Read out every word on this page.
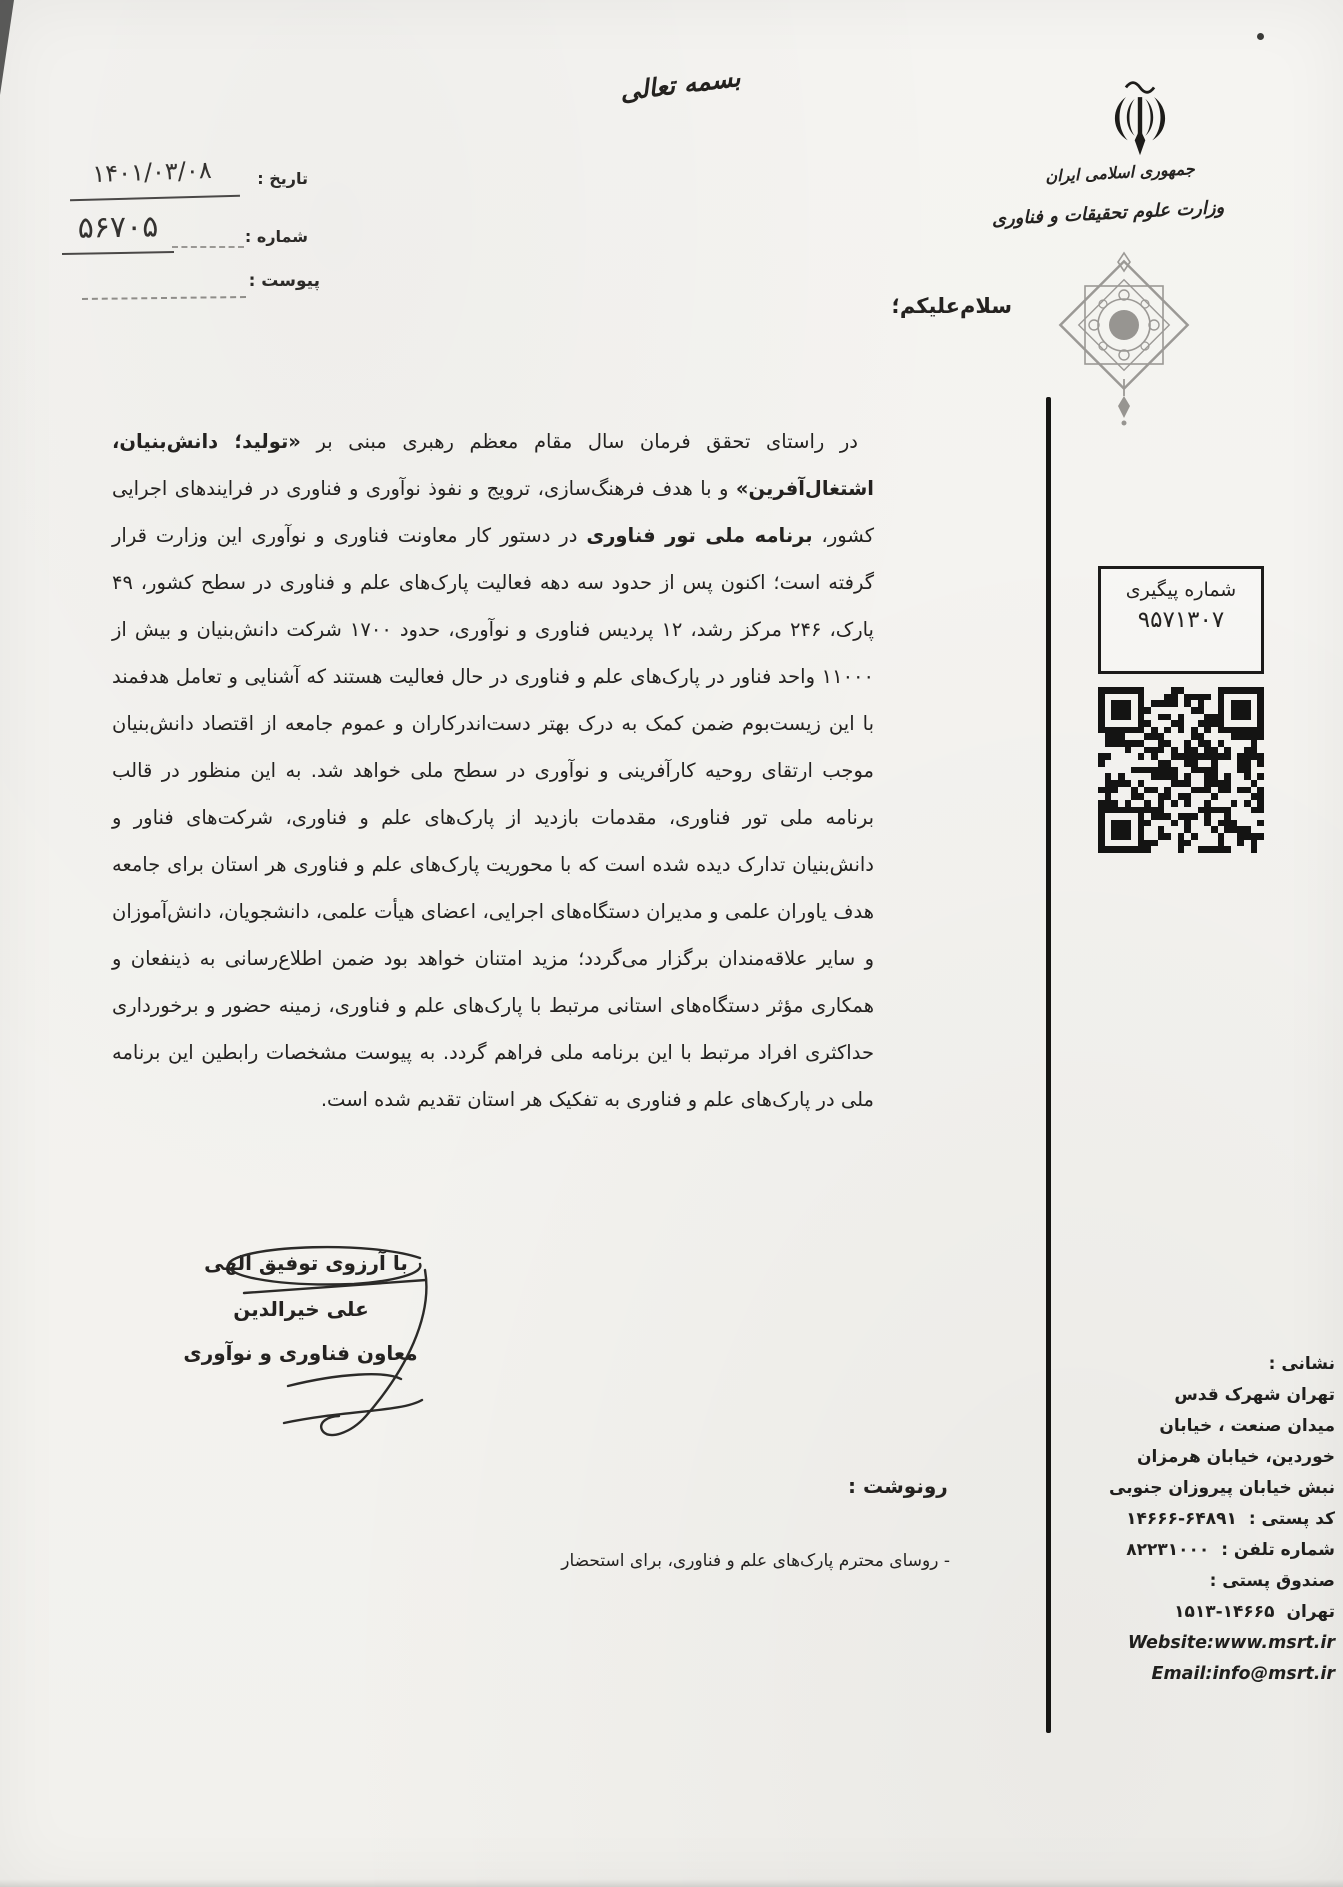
بسمه تعالی
جمهوری اسلامی ایران
وزارت علوم تحقیقات و فناوری
تاریخ :
۱۴۰۱/۰۳/۰۸
شماره :
۵۶۷۰۵
پیوست :
سلام‌علیکم؛
در راستای تحقق فرمان سال مقام معظم رهبری مبنی بر «تولید؛ دانش‌بنیان، اشتغال‌آفرین» و با هدف فرهنگ‌سازی، ترویج و نفوذ نوآوری و فناوری در فرایندهای اجرایی کشور، برنامه ملی تور فناوری در دستور کار معاونت فناوری و نوآوری این وزارت قرار گرفته است؛ اکنون پس از حدود سه دهه فعالیت پارک‌های علم و فناوری در سطح کشور، ۴۹ پارک، ۲۴۶ مرکز رشد، ۱۲ پردیس فناوری و نوآوری، حدود ۱۷۰۰ شرکت دانش‌بنیان و بیش از ۱۱۰۰۰ واحد فناور در پارک‌های علم و فناوری در حال فعالیت هستند که آشنایی و تعامل هدفمند با این زیست‌بوم ضمن کمک به درک بهتر دست‌اندرکاران و عموم جامعه از اقتصاد دانش‌بنیان موجب ارتقای روحیه کارآفرینی و نوآوری در سطح ملی خواهد شد. به این منظور در قالب برنامه ملی تور فناوری، مقدمات بازدید از پارک‌های علم و فناوری، شرکت‌های فناور و دانش‌بنیان تدارک دیده شده است که با محوریت پارک‌های علم و فناوری هر استان برای جامعه هدف یاوران علمی و مدیران دستگاه‌های اجرایی، اعضای هیأت علمی، دانشجویان، دانش‌آموزان و سایر علاقه‌مندان برگزار می‌گردد؛ مزید امتنان خواهد بود ضمن اطلاع‌رسانی به ذینفعان و همکاری مؤثر دستگاه‌های استانی مرتبط با پارک‌های علم و فناوری، زمینه حضور و برخورداری حداکثری افراد مرتبط با این برنامه ملی فراهم گردد. به پیوست مشخصات رابطین این برنامه ملی در پارک‌های علم و فناوری به تفکیک هر استان تقدیم شده است.
با آرزوی توفیق الهی
علی خیرالدین
معاون فناوری و نوآوری
شماره پیگیری
۹۵۷۱۳۰۷
نشانی :
تهران شهرک قدس
میدان صنعت ، خیابان
خوردین، خیابان هرمزان
نبش خیابان پیروزان جنوبی
کد پستی : ۱۴۶۶۶-۶۴۸۹۱
شماره تلفن : ۸۲۲۳۱۰۰۰
صندوق پستی :
تهران ۱۵۱۳-۱۴۶۶۵
Website:www.msrt.ir
Email:info@msrt.ir
رونوشت :
- روسای محترم پارک‌های علم و فناوری، برای استحضار
